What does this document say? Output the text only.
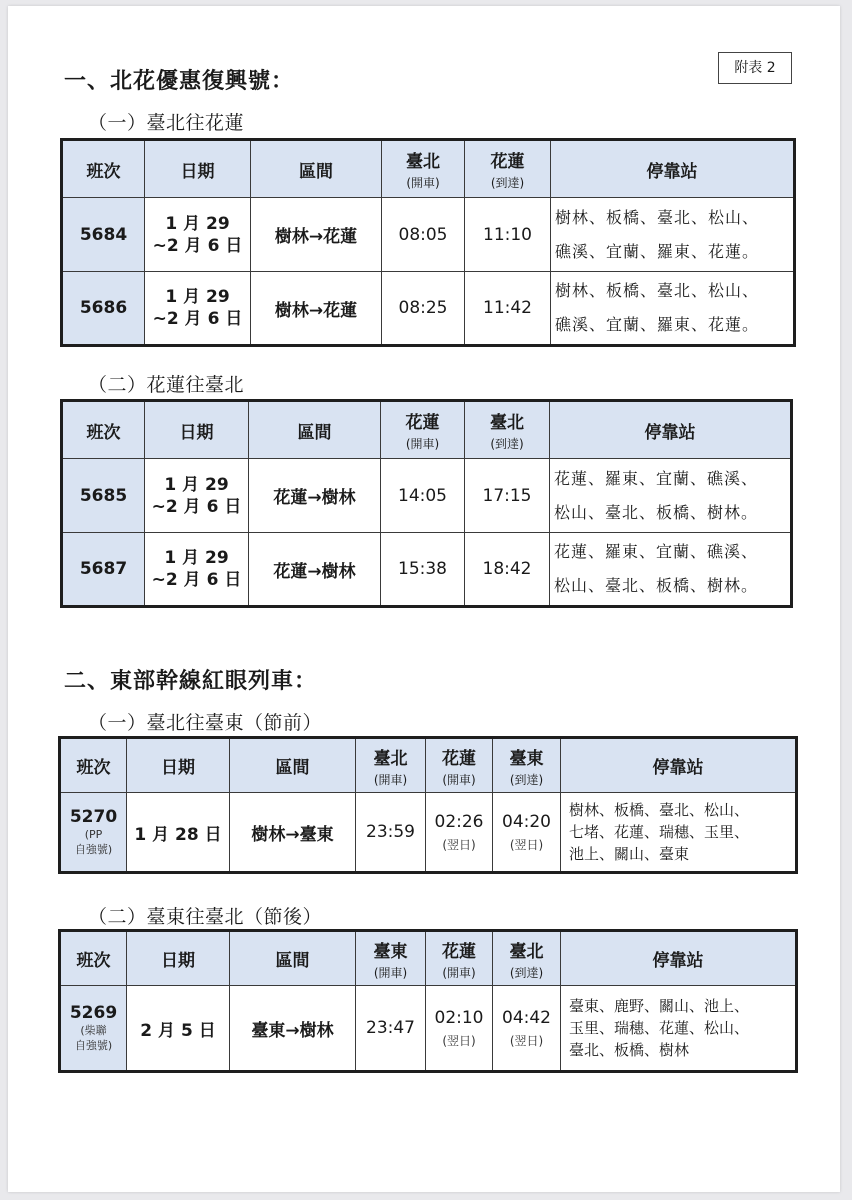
附表 2
一、北花優惠復興號：
（一）臺北往花蓮
班次	日期	區間	臺北
(開車)	花蓮
(到達)	停靠站
5684	1 月 29
~2 月 6 日	樹林→花蓮	08:05	11:10	樹林、板橋、臺北、松山、
礁溪、宜蘭、羅東、花蓮。
5686	1 月 29
~2 月 6 日	樹林→花蓮	08:25	11:42	樹林、板橋、臺北、松山、
礁溪、宜蘭、羅東、花蓮。
（二）花蓮往臺北
班次	日期	區間	花蓮
(開車)	臺北
(到達)	停靠站
5685	1 月 29
~2 月 6 日	花蓮→樹林	14:05	17:15	花蓮、羅東、宜蘭、礁溪、
松山、臺北、板橋、樹林。
5687	1 月 29
~2 月 6 日	花蓮→樹林	15:38	18:42	花蓮、羅東、宜蘭、礁溪、
松山、臺北、板橋、樹林。
二、東部幹線紅眼列車：
（一）臺北往臺東（節前）
班次	日期	區間	臺北
(開車)	花蓮
(開車)	臺東
(到達)	停靠站
5270
(PP
自強號)	1 月 28 日	樹林→臺東	23:59	02:26
(翌日)	04:20
(翌日)	樹林、板橋、臺北、松山、
七堵、花蓮、瑞穗、玉里、
池上、關山、臺東
（二）臺東往臺北（節後）
班次	日期	區間	臺東
(開車)	花蓮
(開車)	臺北
(到達)	停靠站
5269
(柴聯
自強號)	2 月 5 日	臺東→樹林	23:47	02:10
(翌日)	04:42
(翌日)	臺東、鹿野、關山、池上、
玉里、瑞穗、花蓮、松山、
臺北、板橋、樹林
